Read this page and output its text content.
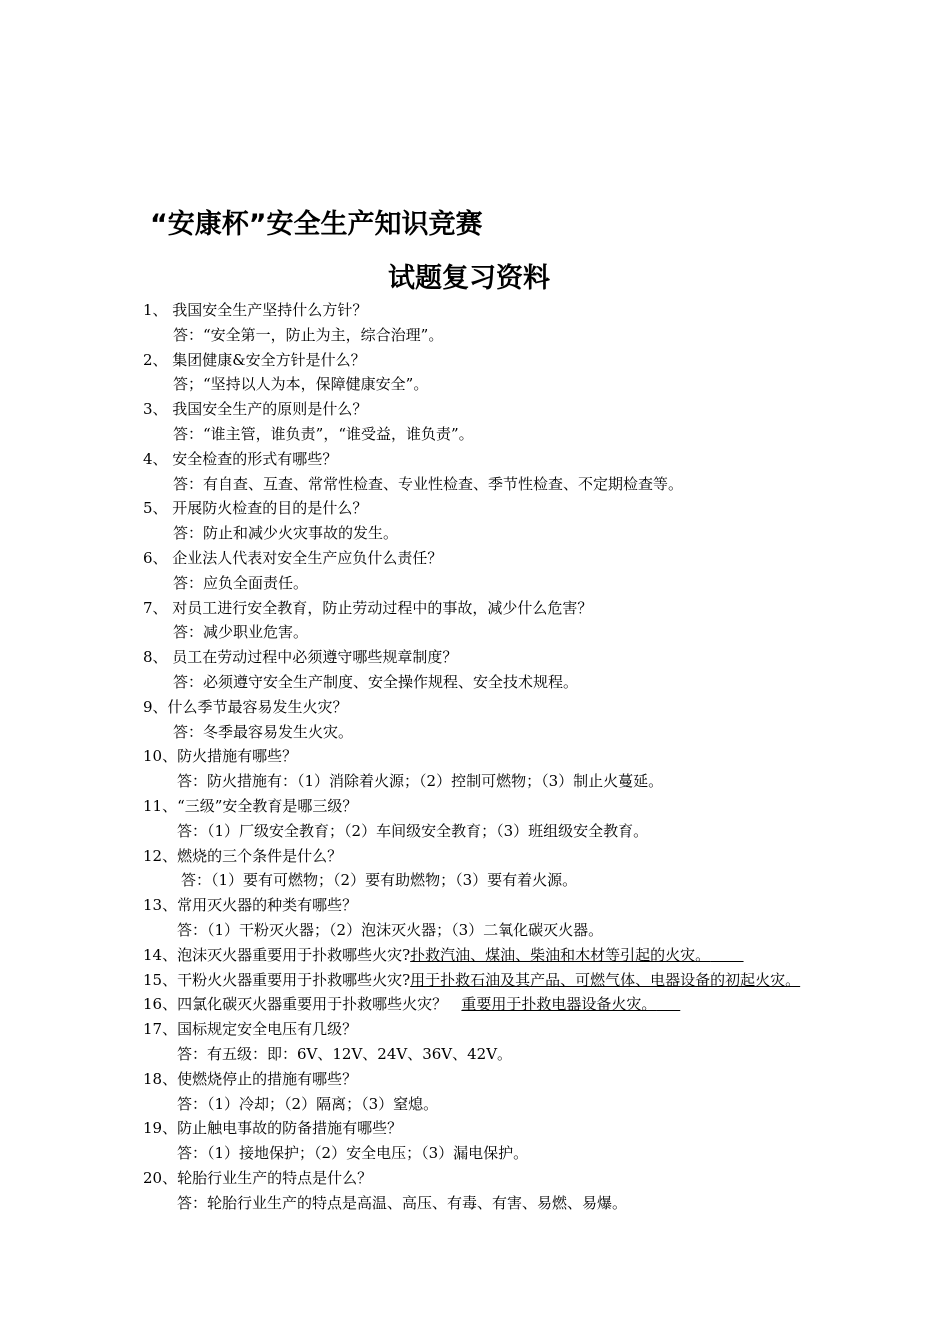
“安康杯”安全生产知识竞赛
试题复习资料
1、 我国安全生产坚持什么方针？
答：“安全第一，防止为主，综合治理”。
2、 集团健康&安全方针是什么？
答；“坚持以人为本，保障健康安全”。
3、 我国安全生产的原则是什么？
答：“谁主管，谁负责”，“谁受益，谁负责”。
4、 安全检查的形式有哪些？
答：有自查、互查、常常性检查、专业性检查、季节性检查、不定期检查等。
5、 开展防火检查的目的是什么？
答：防止和减少火灾事故的发生。
6、 企业法人代表对安全生产应负什么责任？
答：应负全面责任。
7、 对员工进行安全教育，防止劳动过程中的事故，减少什么危害？
答：减少职业危害。
8、 员工在劳动过程中必须遵守哪些规章制度？
答：必须遵守安全生产制度、安全操作规程、安全技术规程。
9、什么季节最容易发生火灾？
答：冬季最容易发生火灾。
10、防火措施有哪些？
答：防火措施有：（1）消除着火源；（2）控制可燃物；（3）制止火蔓延。
11、“三级”安全教育是哪三级？
答：（1）厂级安全教育；（2）车间级安全教育；（3）班组级安全教育。
12、燃烧的三个条件是什么？
答：（1）要有可燃物；（2）要有助燃物；（3）要有着火源。
13、常用灭火器的种类有哪些？
答：（1）干粉灭火器；（2）泡沫灭火器；（3）二氧化碳灭火器。
14、泡沫灭火器重要用于扑救哪些火灾?扑救汽油、煤油、柴油和木材等引起的火灾。
15、干粉火火器重要用于扑救哪些火灾?用于扑救石油及其产品、可燃气体、电器设备的初起火灾。
16、四氯化碳灭火器重要用于扑救哪些火灾？ 重要用于扑救电器设备火灾。
17、国标规定安全电压有几级？
答：有五级：即：6V、12V、24V、36V、42V。
18、使燃烧停止的措施有哪些？
答：（1）冷却；（2）隔离；（3）窒熄。
19、防止触电事故的防备措施有哪些？
答：（1）接地保护；（2）安全电压；（3）漏电保护。
20、轮胎行业生产的特点是什么？
答：轮胎行业生产的特点是高温、高压、有毒、有害、易燃、易爆。
